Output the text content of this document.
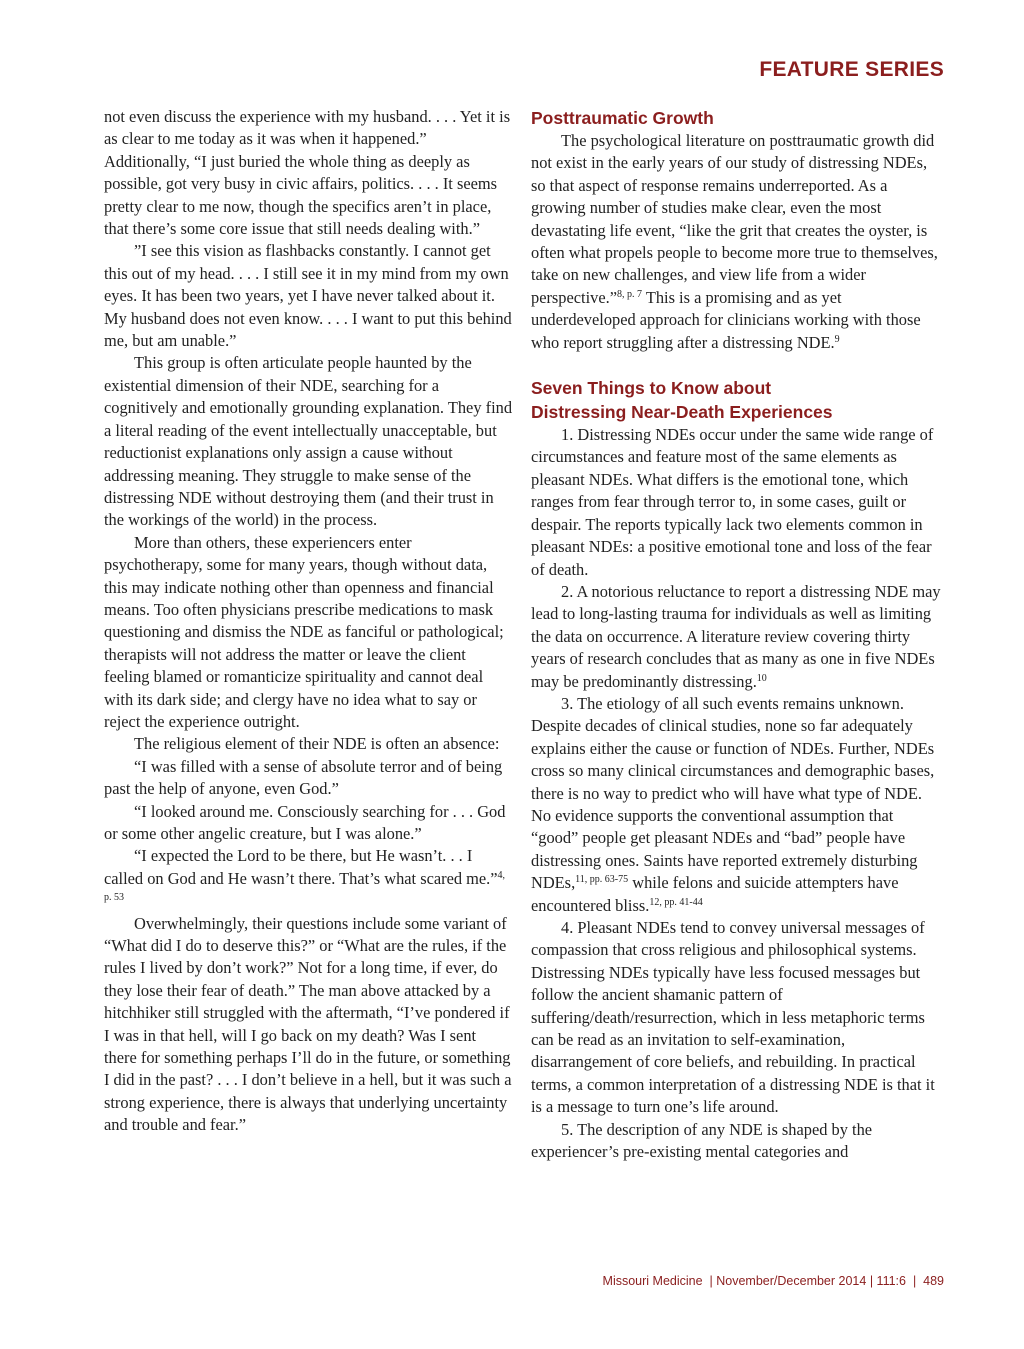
FEATURE SERIES

not even discuss the experience with my husband. . . . Yet it is as clear to me today as it was when it happened.” Additionally, “I just buried the whole thing as deeply as possible, got very busy in civic affairs, politics. . . . It seems pretty clear to me now, though the specifics aren’t in place, that there’s some core issue that still needs dealing with.”

”I see this vision as flashbacks constantly. I cannot get this out of my head. . . . I still see it in my mind from my own eyes. It has been two years, yet I have never talked about it. My husband does not even know. . . . I want to put this behind me, but am unable.”

This group is often articulate people haunted by the existential dimension of their NDE, searching for a cognitively and emotionally grounding explanation. They find a literal reading of the event intellectually unacceptable, but reductionist explanations only assign a cause without addressing meaning. They struggle to make sense of the distressing NDE without destroying them (and their trust in the workings of the world) in the process.

More than others, these experiencers enter psychotherapy, some for many years, though without data, this may indicate nothing other than openness and financial means. Too often physicians prescribe medications to mask questioning and dismiss the NDE as fanciful or pathological; therapists will not address the matter or leave the client feeling blamed or romanticize spirituality and cannot deal with its dark side; and clergy have no idea what to say or reject the experience outright.

The religious element of their NDE is often an absence:

“I was filled with a sense of absolute terror and of being past the help of anyone, even God.”

“I looked around me. Consciously searching for . . . God or some other angelic creature, but I was alone.”

“I expected the Lord to be there, but He wasn’t. . . I called on God and He wasn’t there. That’s what scared me.”$^{4, p. 53}$

Overwhelmingly, their questions include some variant of “What did I do to deserve this?” or “What are the rules, if the rules I lived by don’t work?” Not for a long time, if ever, do they lose their fear of death.” The man above attacked by a hitchhiker still struggled with the aftermath, “I’ve pondered if I was in that hell, will I go back on my death? Was I sent there for something perhaps I’ll do in the future, or something I did in the past? . . . I don’t believe in a hell, but it was such a strong experience, there is always that underlying uncertainty and trouble and fear.”

Posttraumatic Growth

The psychological literature on posttraumatic growth did not exist in the early years of our study of distressing NDEs, so that aspect of response remains underreported. As a growing number of studies make clear, even the most devastating life event, “like the grit that creates the oyster, is often what propels people to become more true to themselves, take on new challenges, and view life from a wider perspective.”$^{8, p. 7}$ This is a promising and as yet underdeveloped approach for clinicians working with those who report struggling after a distressing NDE.$^9$

Seven Things to Know about
Distressing Near-Death Experiences

1. Distressing NDEs occur under the same wide range of circumstances and feature most of the same elements as pleasant NDEs. What differs is the emotional tone, which ranges from fear through terror to, in some cases, guilt or despair. The reports typically lack two elements common in pleasant NDEs: a positive emotional tone and loss of the fear of death.

2. A notorious reluctance to report a distressing NDE may lead to long-lasting trauma for individuals as well as limiting the data on occurrence. A literature review covering thirty years of research concludes that as many as one in five NDEs may be predominantly distressing.$^{10}$

3. The etiology of all such events remains unknown. Despite decades of clinical studies, none so far adequately explains either the cause or function of NDEs. Further, NDEs cross so many clinical circumstances and demographic bases, there is no way to predict who will have what type of NDE. No evidence supports the conventional assumption that “good” people get pleasant NDEs and “bad” people have distressing ones. Saints have reported extremely disturbing NDEs,$^{11, pp. 63-75}$ while felons and suicide attempters have encountered bliss.$^{12, pp. 41-44}$

4. Pleasant NDEs tend to convey universal messages of compassion that cross religious and philosophical systems. Distressing NDEs typically have less focused messages but follow the ancient shamanic pattern of suffering/death/resurrection, which in less metaphoric terms can be read as an invitation to self-examination, disarrangement of core beliefs, and rebuilding. In practical terms, a common interpretation of a distressing NDE is that it is a message to turn one’s life around.

5. The description of any NDE is shaped by the experiencer’s pre-existing mental categories and

Missouri Medicine | November/December 2014 | 111:6 | 489
